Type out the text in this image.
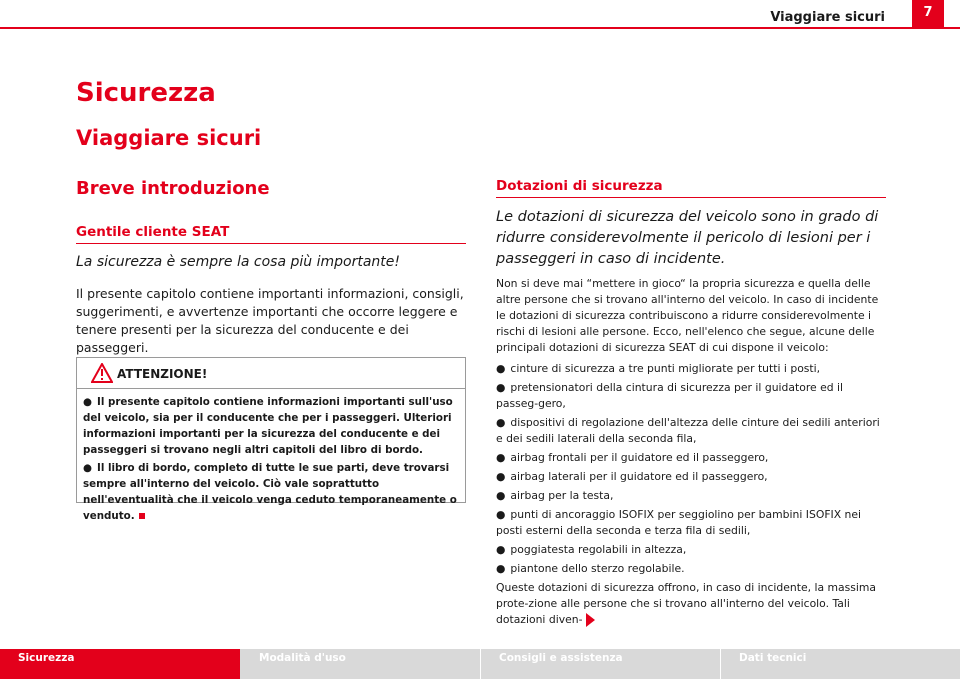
Viaggiare sicuri	7
Sicurezza
Viaggiare sicuri
Breve introduzione
Gentile cliente SEAT
La sicurezza è sempre la cosa più importante!
Il presente capitolo contiene importanti informazioni, consigli, suggerimenti, e avvertenze importanti che occorre leggere e tenere presenti per la sicurezza del conducente e dei passeggeri.
ATTENZIONE!

● Il presente capitolo contiene informazioni importanti sull'uso del veicolo, sia per il conducente che per i passeggeri. Ulteriori informazioni importanti per la sicurezza del conducente e dei passeggeri si trovano negli altri capitoli del libro di bordo.

● Il libro di bordo, completo di tutte le sue parti, deve trovarsi sempre all'interno del veicolo. Ciò vale soprattutto nell'eventualità che il veicolo venga ceduto temporaneamente o venduto.

Dotazioni di sicurezza
Le dotazioni di sicurezza del veicolo sono in grado di ridurre considerevolmente il pericolo di lesioni per i passeggeri in caso di incidente.

Non si deve mai “mettere in gioco“ la propria sicurezza e quella delle altre persone che si trovano all'interno del veicolo. In caso di incidente le dotazioni di sicurezza contribuiscono a ridurre considerevolmente i rischi di lesioni alle persone. Ecco, nell'elenco che segue, alcune delle principali dotazioni di sicurezza SEAT di cui dispone il veicolo:

● cinture di sicurezza a tre punti migliorate per tutti i posti,
● pretensionatori della cintura di sicurezza per il guidatore ed il passeg-gero,
● dispositivi di regolazione dell'altezza delle cinture dei sedili anteriori e dei sedili laterali della seconda fila,
● airbag frontali per il guidatore ed il passeggero,
● airbag laterali per il guidatore ed il passeggero,
● airbag per la testa,
● punti di ancoraggio ISOFIX per seggiolino per bambini ISOFIX nei posti esterni della seconda e terza fila di sedili,
● poggiatesta regolabili in altezza,
● piantone dello sterzo regolabile.

Queste dotazioni di sicurezza offrono, in caso di incidente, la massima prote-zione alle persone che si trovano all'interno del veicolo. Tali dotazioni diven-

Sicurezza	Modalità d'uso	Consigli e assistenza	Dati tecnici
